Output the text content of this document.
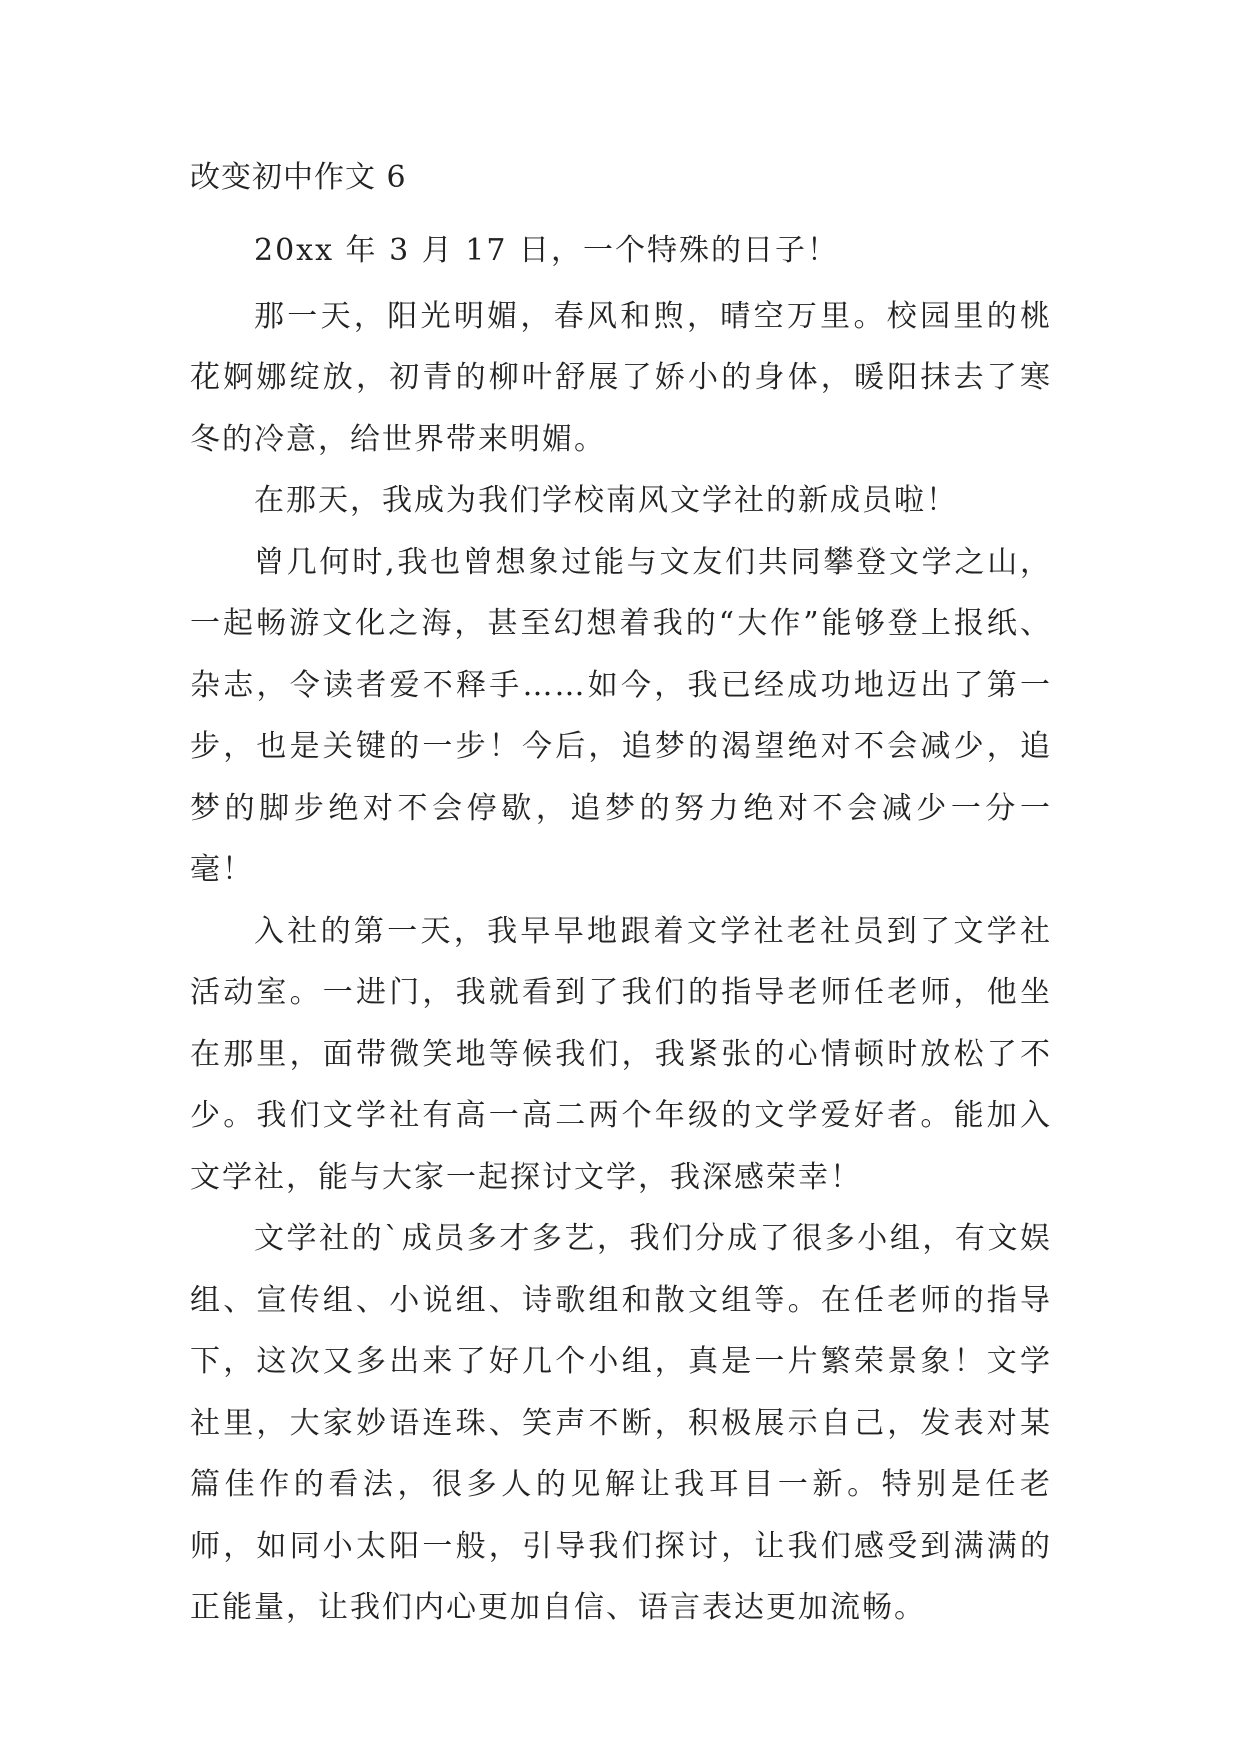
改变初中作文 6

20xx 年 3 月 17 日，一个特殊的日子！

那一天，阳光明媚，春风和煦，晴空万里。校园里的桃花婀娜绽放，初青的柳叶舒展了娇小的身体，暖阳抹去了寒冬的冷意，给世界带来明媚。

在那天，我成为我们学校南风文学社的新成员啦！

曾几何时,我也曾想象过能与文友们共同攀登文学之山，一起畅游文化之海，甚至幻想着我的“大作”能够登上报纸、杂志，令读者爱不释手……如今，我已经成功地迈出了第一步，也是关键的一步！今后，追梦的渴望绝对不会减少，追梦的脚步绝对不会停歇，追梦的努力绝对不会减少一分一毫！

入社的第一天，我早早地跟着文学社老社员到了文学社活动室。一进门，我就看到了我们的指导老师任老师，他坐在那里，面带微笑地等候我们，我紧张的心情顿时放松了不少。我们文学社有高一高二两个年级的文学爱好者。能加入文学社，能与大家一起探讨文学，我深感荣幸！

文学社的`成员多才多艺，我们分成了很多小组，有文娱组、宣传组、小说组、诗歌组和散文组等。在任老师的指导下，这次又多出来了好几个小组，真是一片繁荣景象！文学社里，大家妙语连珠、笑声不断，积极展示自己，发表对某篇佳作的看法，很多人的见解让我耳目一新。特别是任老师，如同小太阳一般，引导我们探讨，让我们感受到满满的正能量，让我们内心更加自信、语言表达更加流畅。
